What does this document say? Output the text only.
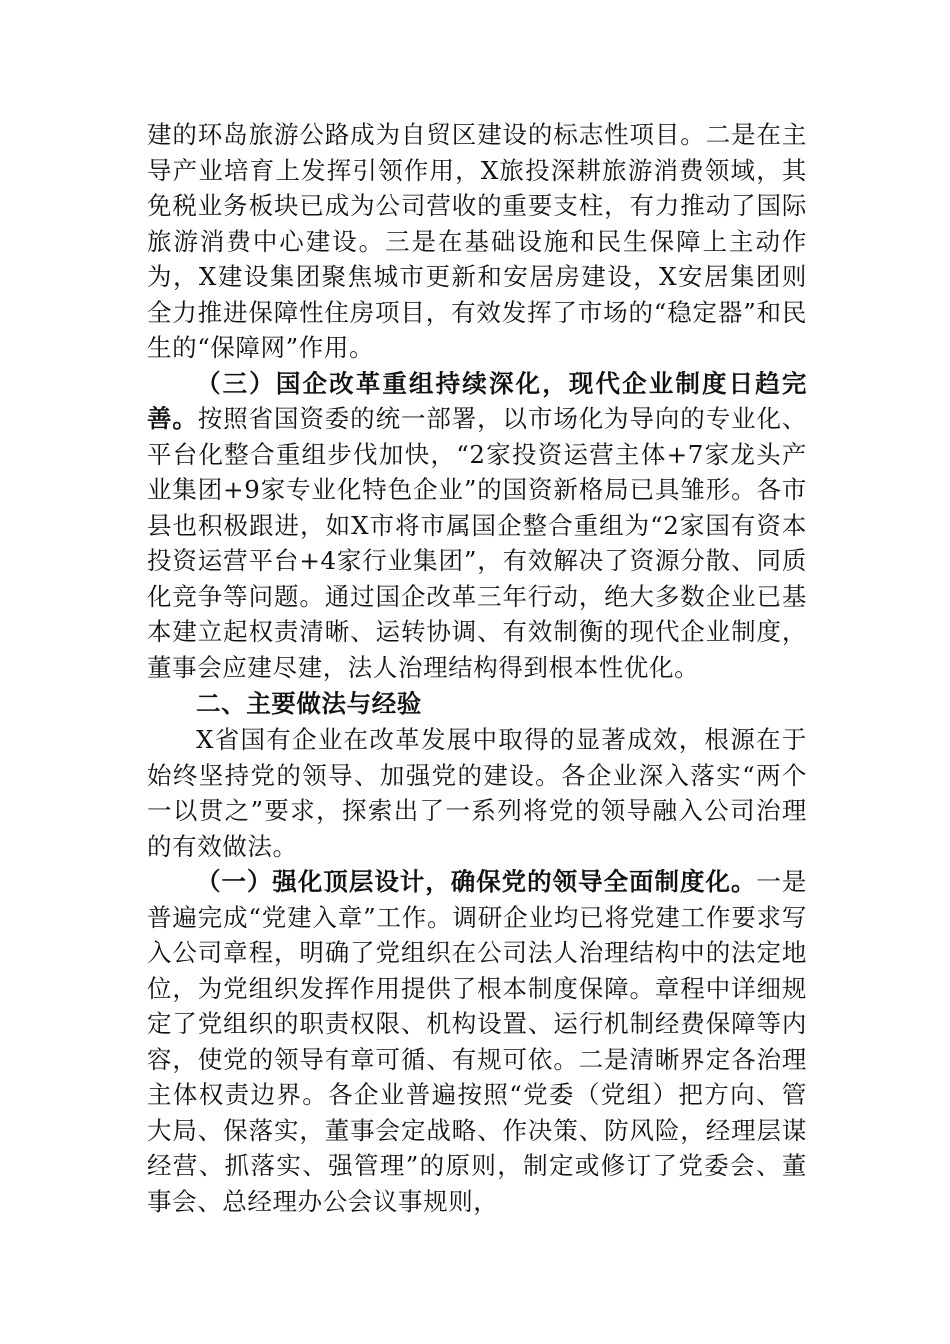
建的环岛旅游公路成为自贸区建设的标志性项目。二是在主导产业培育上发挥引领作用，X旅投深耕旅游消费领域，其免税业务板块已成为公司营收的重要支柱，有力推动了国际旅游消费中心建设。三是在基础设施和民生保障上主动作为，X建设集团聚焦城市更新和安居房建设，X安居集团则全力推进保障性住房项目，有效发挥了市场的“稳定器”和民生的“保障网”作用。

（三）国企改革重组持续深化，现代企业制度日趋完善。按照省国资委的统一部署，以市场化为导向的专业化、平台化整合重组步伐加快，“2家投资运营主体+7家龙头产业集团+9家专业化特色企业”的国资新格局已具雏形。各市县也积极跟进，如X市将市属国企整合重组为“2家国有资本投资运营平台+4家行业集团”，有效解决了资源分散、同质化竞争等问题。通过国企改革三年行动，绝大多数企业已基本建立起权责清晰、运转协调、有效制衡的现代企业制度，董事会应建尽建，法人治理结构得到根本性优化。

二、主要做法与经验

X省国有企业在改革发展中取得的显著成效，根源在于始终坚持党的领导、加强党的建设。各企业深入落实“两个一以贯之”要求，探索出了一系列将党的领导融入公司治理的有效做法。

（一）强化顶层设计，确保党的领导全面制度化。一是普遍完成“党建入章”工作。调研企业均已将党建工作要求写入公司章程，明确了党组织在公司法人治理结构中的法定地位，为党组织发挥作用提供了根本制度保障。章程中详细规定了党组织的职责权限、机构设置、运行机制经费保障等内容，使党的领导有章可循、有规可依。二是清晰界定各治理主体权责边界。各企业普遍按照“党委（党组）把方向、管大局、保落实，董事会定战略、作决策、防风险，经理层谋经营、抓落实、强管理”的原则，制定或修订了党委会、董事会、总经理办公会议事规则，
